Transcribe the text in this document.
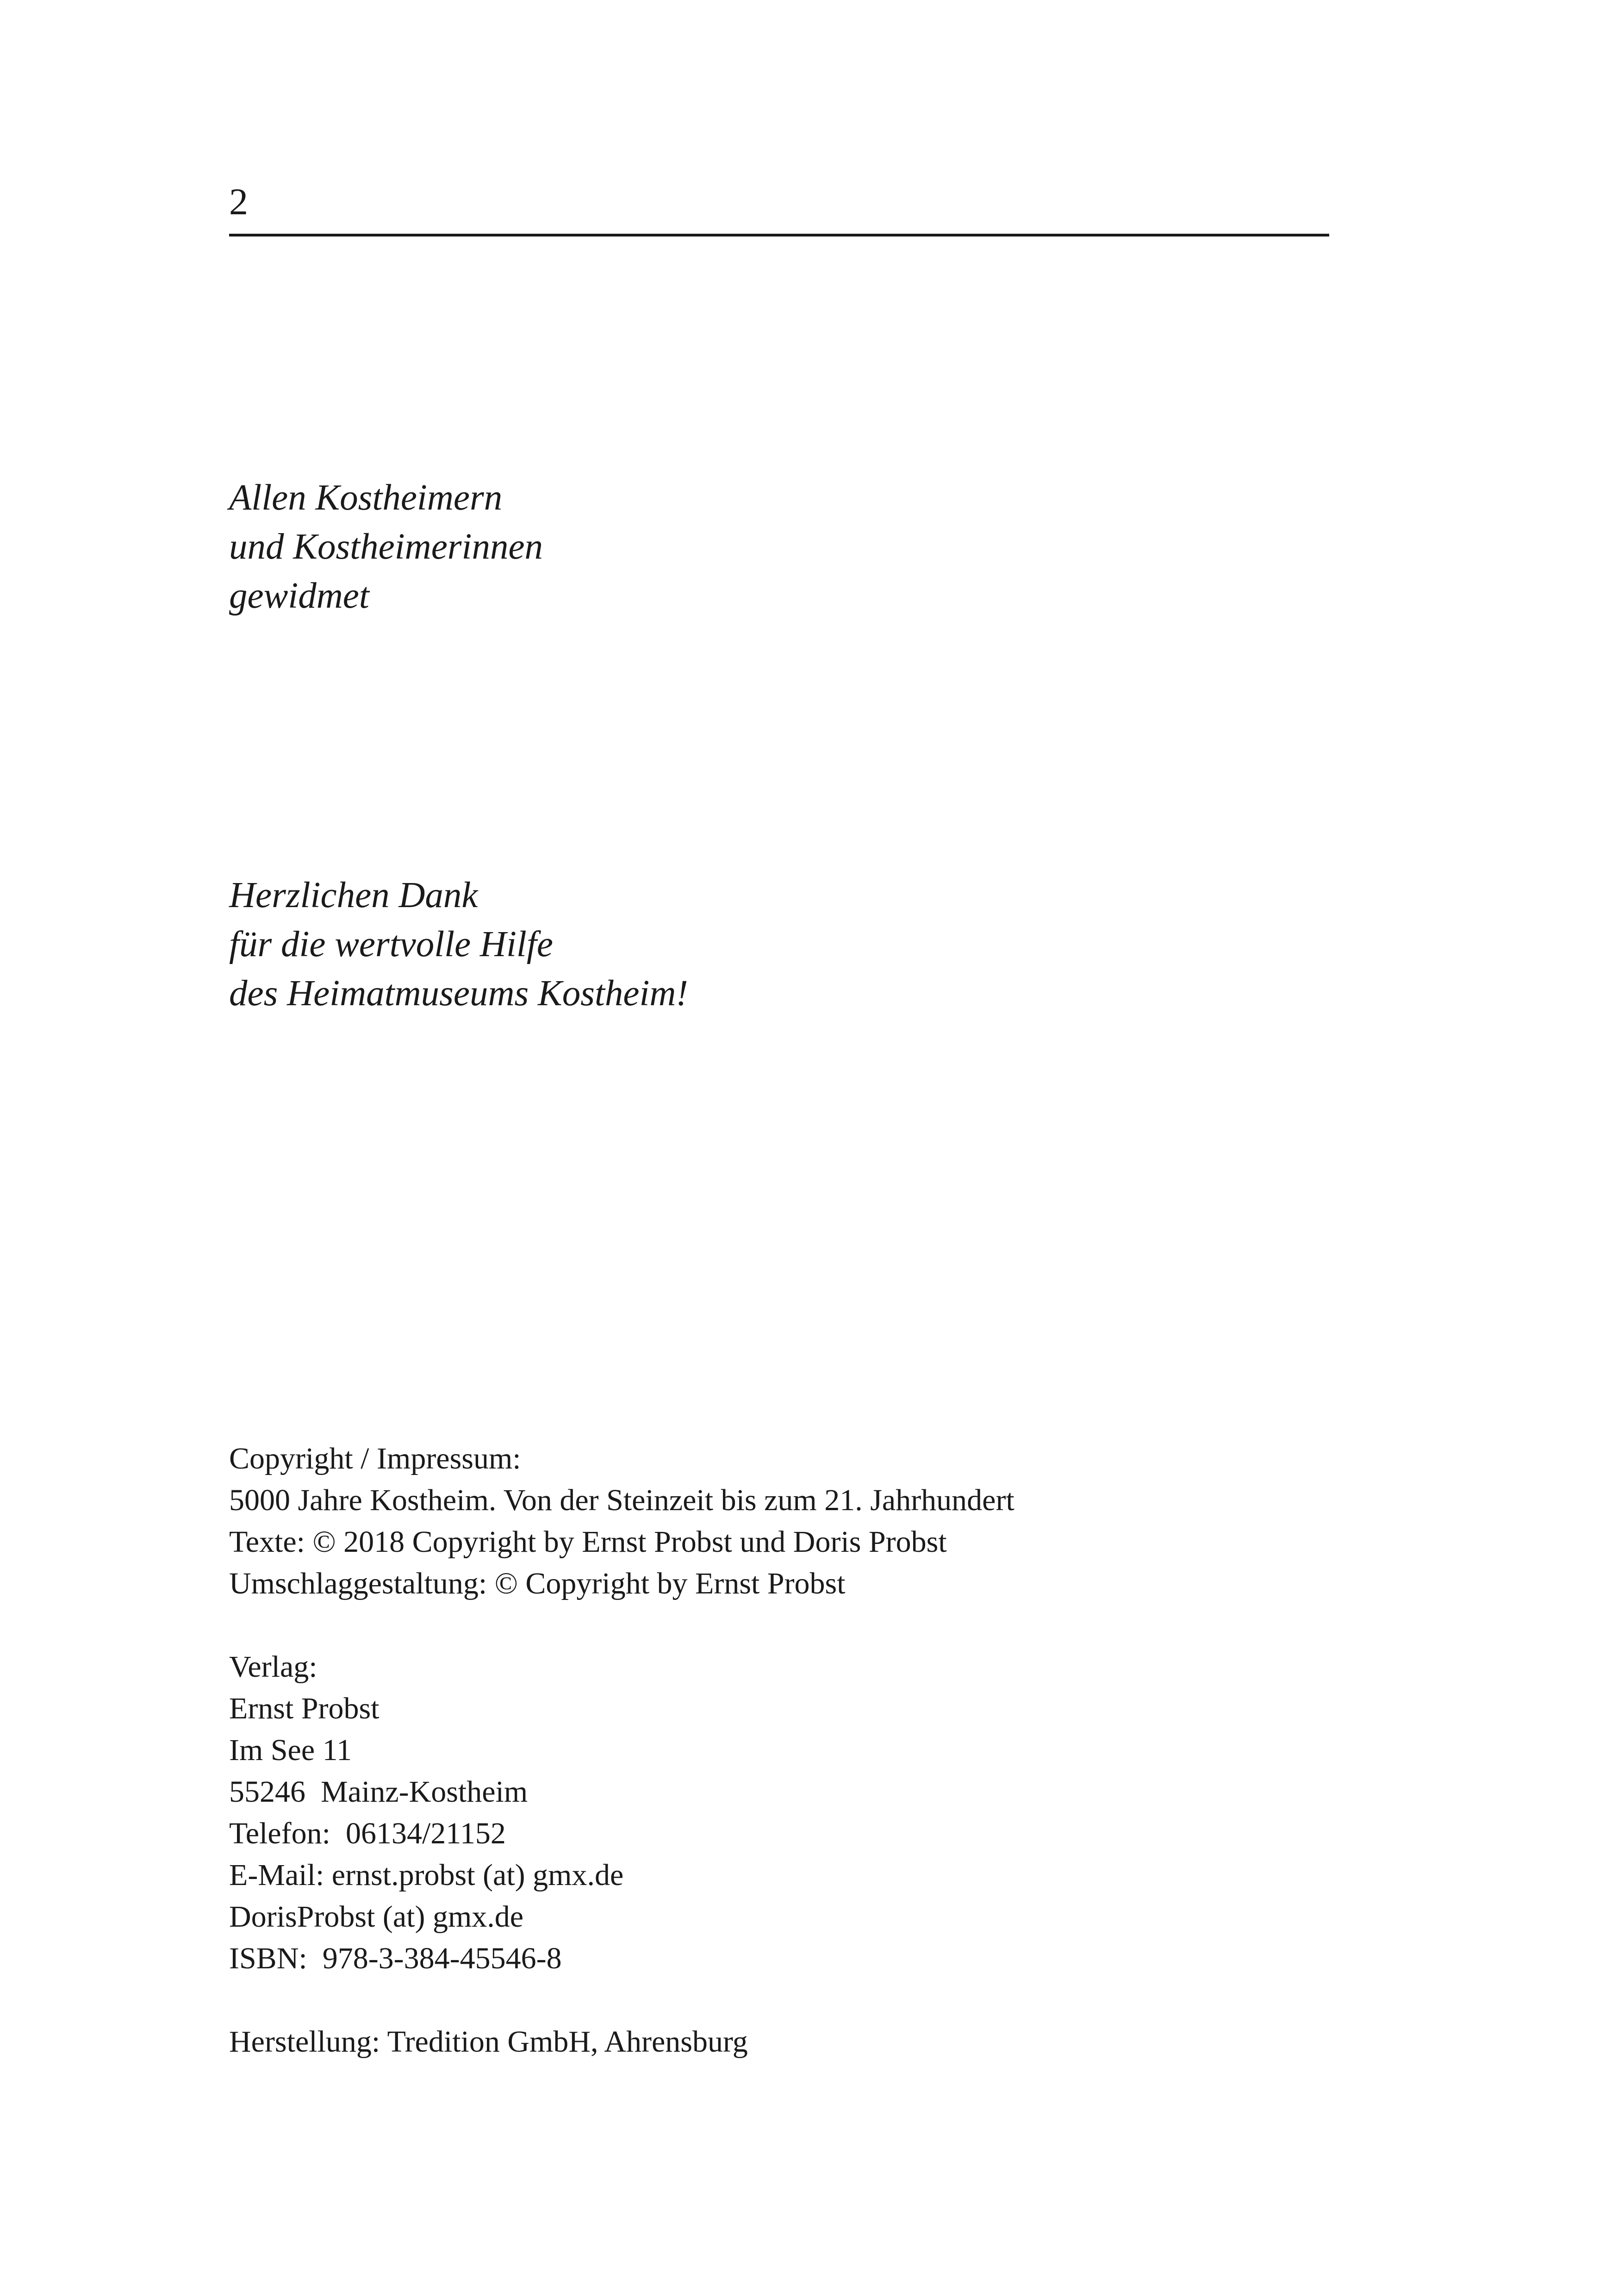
2
Allen Kostheimern
und Kostheimerinnen
gewidmet
Herzlichen Dank
für die wertvolle Hilfe
des Heimatmuseums Kostheim!
Copyright / Impressum:
5000 Jahre Kostheim. Von der Steinzeit bis zum 21. Jahrhundert
Texte: © 2018 Copyright by Ernst Probst und Doris Probst
Umschlaggestaltung: © Copyright by Ernst Probst
Verlag:
Ernst Probst
Im See 11
55246  Mainz-Kostheim
Telefon:  06134/21152
E-Mail: ernst.probst (at) gmx.de
DorisProbst (at) gmx.de
ISBN:  978-3-384-45546-8
Herstellung: Tredition GmbH, Ahrensburg
